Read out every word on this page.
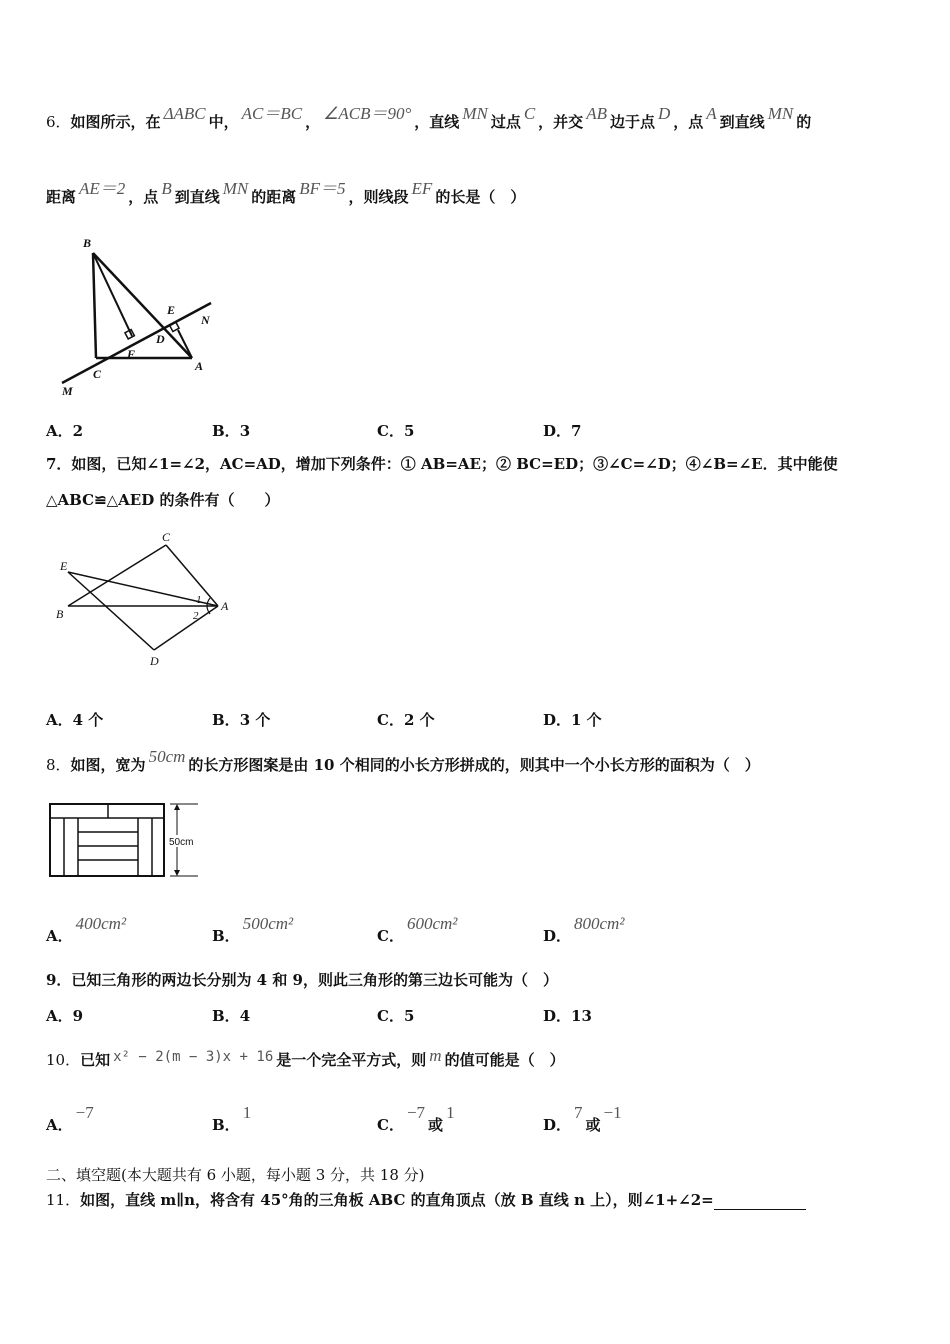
6．如图所示，在 ΔABC 中， AC＝BC ， ∠ACB＝90° ，直线 MN 过点 C ，并交 AB 边于点 D ，点 A 到直线 MN 的
距离 AE＝2 ，点 B 到直线 MN 的距离 BF＝5 ，则线段 EF 的长是（　）
B
E
N
D
F
C
A
M
A．2	B．3	C．5	D．7
7．如图，已知∠1=∠2，AC=AD，增加下列条件：① AB=AE；② BC=ED；③∠C=∠D；④∠B=∠E．其中能使
△ABC≌△AED 的条件有（　　）
C
E
B
A
D
1
2
A．4 个	B．3 个	C．2 个	D．1 个
8．如图，宽为 50cm 的长方形图案是由 10 个相同的小长方形拼成的，则其中一个小长方形的面积为（　）
50cm
A．400cm²
B．500cm²
C．600cm²
D．800cm²
9．已知三角形的两边长分别为 4 和 9，则此三角形的第三边长可能为（　）
A．9	B．4	C．5	D．13
10．已知 x² − 2(m − 3)x + 16 是一个完全平方式，则 m 的值可能是（　）
A．−7
B．1
C．−7或1
D．7或−1
二、填空题(本大题共有 6 小题，每小题 3 分，共 18 分)
11．如图，直线 m∥n，将含有 45°角的三角板 ABC 的直角顶点（放 B 直线 n 上），则∠1+∠2=
